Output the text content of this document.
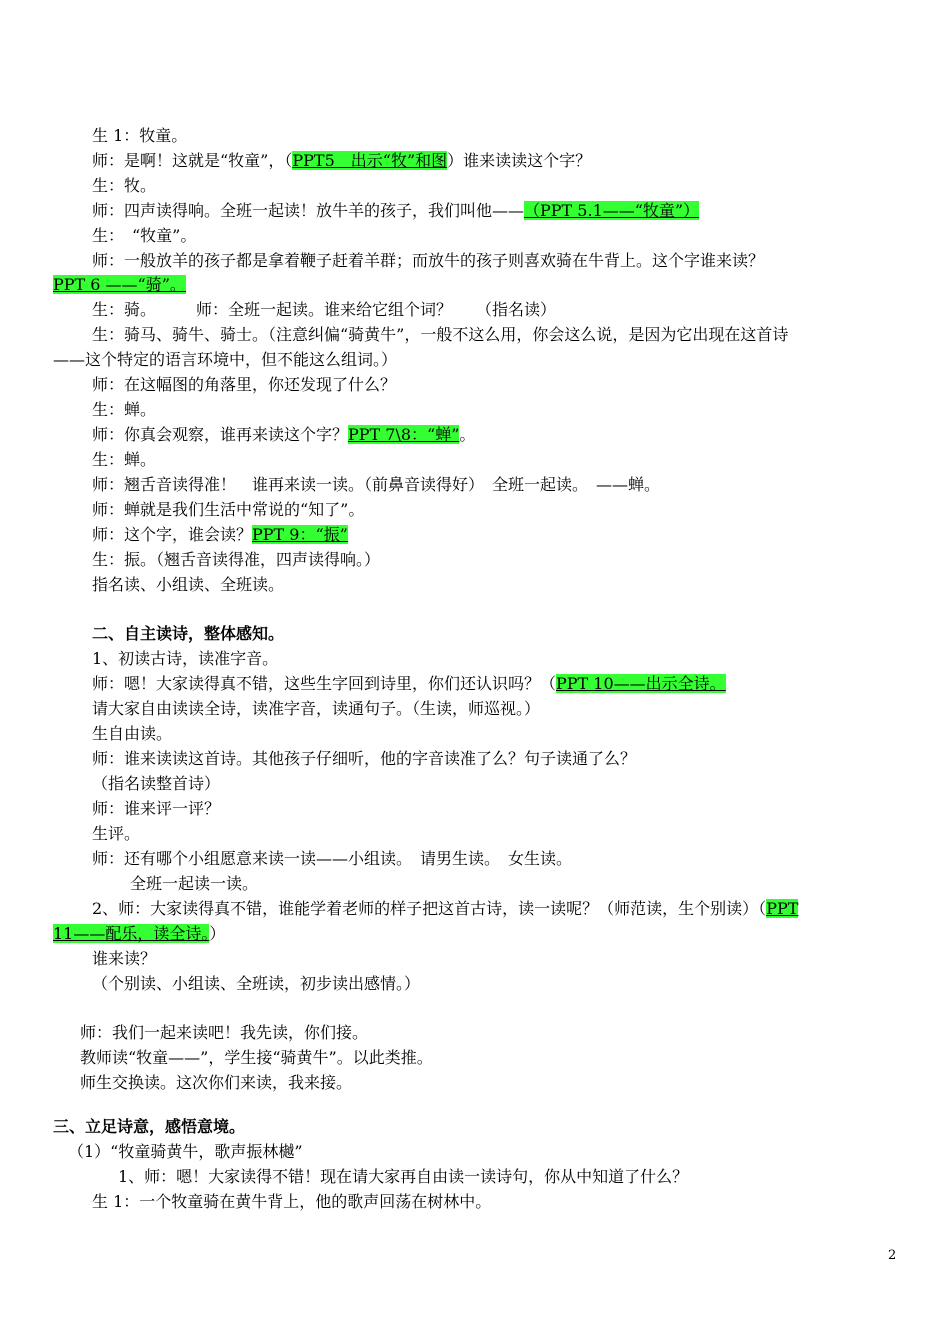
生 1：牧童。
师：是啊！这就是“牧童”，（PPT5　出示“牧”和图）谁来读读这个字？
生：牧。
师：四声读得响。全班一起读！放牛羊的孩子，我们叫他——（PPT 5.1——“牧童”）
生：　“牧童”。
师：一般放羊的孩子都是拿着鞭子赶着羊群；而放牛的孩子则喜欢骑在牛背上。这个字谁来读？
PPT 6 ——“骑”。
生：骑。　　　师：全班一起读。谁来给它组个词？　　（指名读）
生：骑马、骑牛、骑士。（注意纠偏“骑黄牛”，一般不这么用，你会这么说，是因为它出现在这首诗
——这个特定的语言环境中，但不能这么组词。）
师：在这幅图的角落里，你还发现了什么？
生：蝉。
师：你真会观察，谁再来读这个字？PPT 7\8：“蝉”。
生：蝉。
师：翘舌音读得准！　谁再来读一读。（前鼻音读得好）　全班一起读。　——蝉。
师：蝉就是我们生活中常说的“知了”。
师：这个字，谁会读？PPT 9：“振”
生：振。（翘舌音读得准，四声读得响。）
指名读、小组读、全班读。
二、自主读诗，整体感知。
1、初读古诗，读准字音。
师：嗯！大家读得真不错，这些生字回到诗里，你们还认识吗？（PPT 10——出示全诗。
请大家自由读读全诗，读准字音，读通句子。（生读，师巡视。）
生自由读。
师：谁来读读这首诗。其他孩子仔细听，他的字音读准了么？句子读通了么？
（指名读整首诗）
师：谁来评一评？
生评。
师：还有哪个小组愿意来读一读——小组读。　请男生读。　女生读。
全班一起读一读。
2、师：大家读得真不错，谁能学着老师的样子把这首古诗，读一读呢？（师范读，生个别读）（PPT
11——配乐，读全诗。）
谁来读？
（个别读、小组读、全班读，初步读出感情。）
师：我们一起来读吧！我先读，你们接。
教师读“牧童——”，学生接“骑黄牛”。以此类推。
师生交换读。这次你们来读，我来接。
三、立足诗意，感悟意境。
（1）“牧童骑黄牛，歌声振林樾”
1、师：嗯！大家读得不错！现在请大家再自由读一读诗句，你从中知道了什么？
生 1：一个牧童骑在黄牛背上，他的歌声回荡在树林中。
2
